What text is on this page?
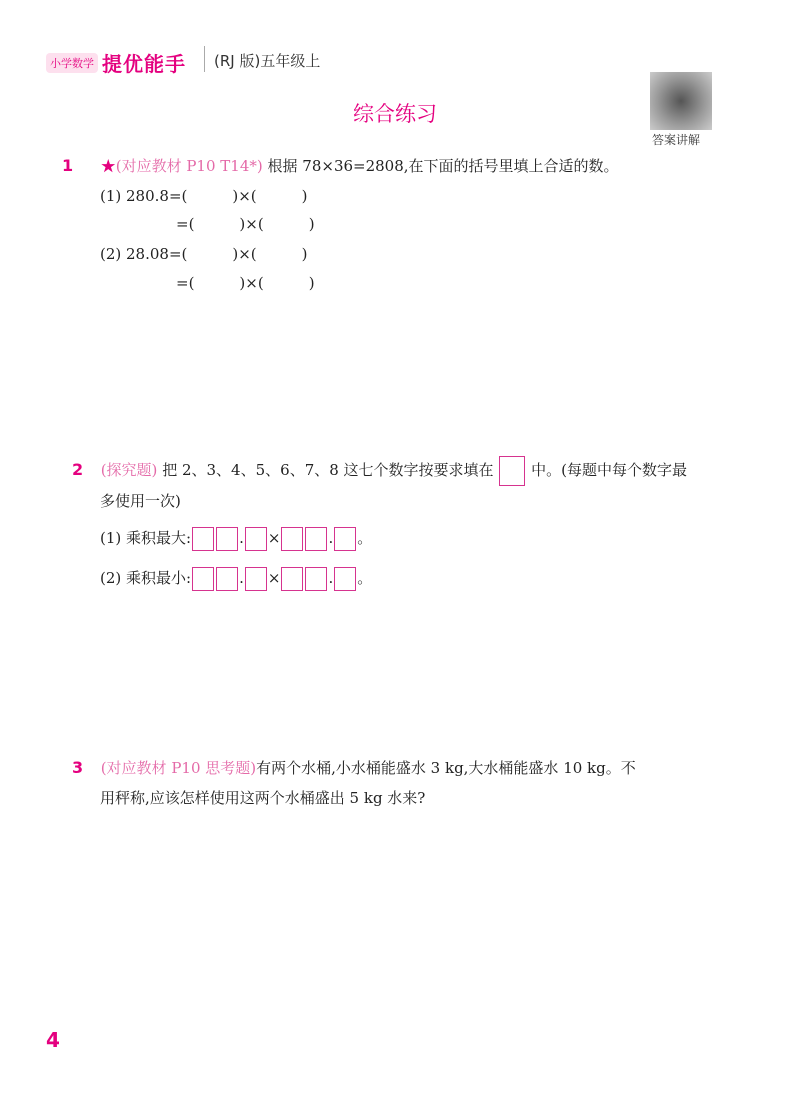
小学数学 提优能手 (RJ 版)五年级上
综合练习
答案讲解
1 ★(对应教材 P10 T14*) 根据 78×36=2808,在下面的括号里填上合适的数。
(1) 280.8=(　　　)×(　　　)
=(　　　)×(　　　)
(2) 28.08=(　　　)×(　　　)
=(　　　)×(　　　)
2 (探究题) 把 2、3、4、5、6、7、8 这七个数字按要求填在	中。(每题中每个数字最
多使用一次)
(1) 乘积最大:	. ×	. 。
(2) 乘积最小:	. ×	. 。
3 (对应教材 P10 思考题)有两个水桶,小水桶能盛水 3 kg,大水桶能盛水 10 kg。不
用秤称,应该怎样使用这两个水桶盛出 5 kg 水来?
4
